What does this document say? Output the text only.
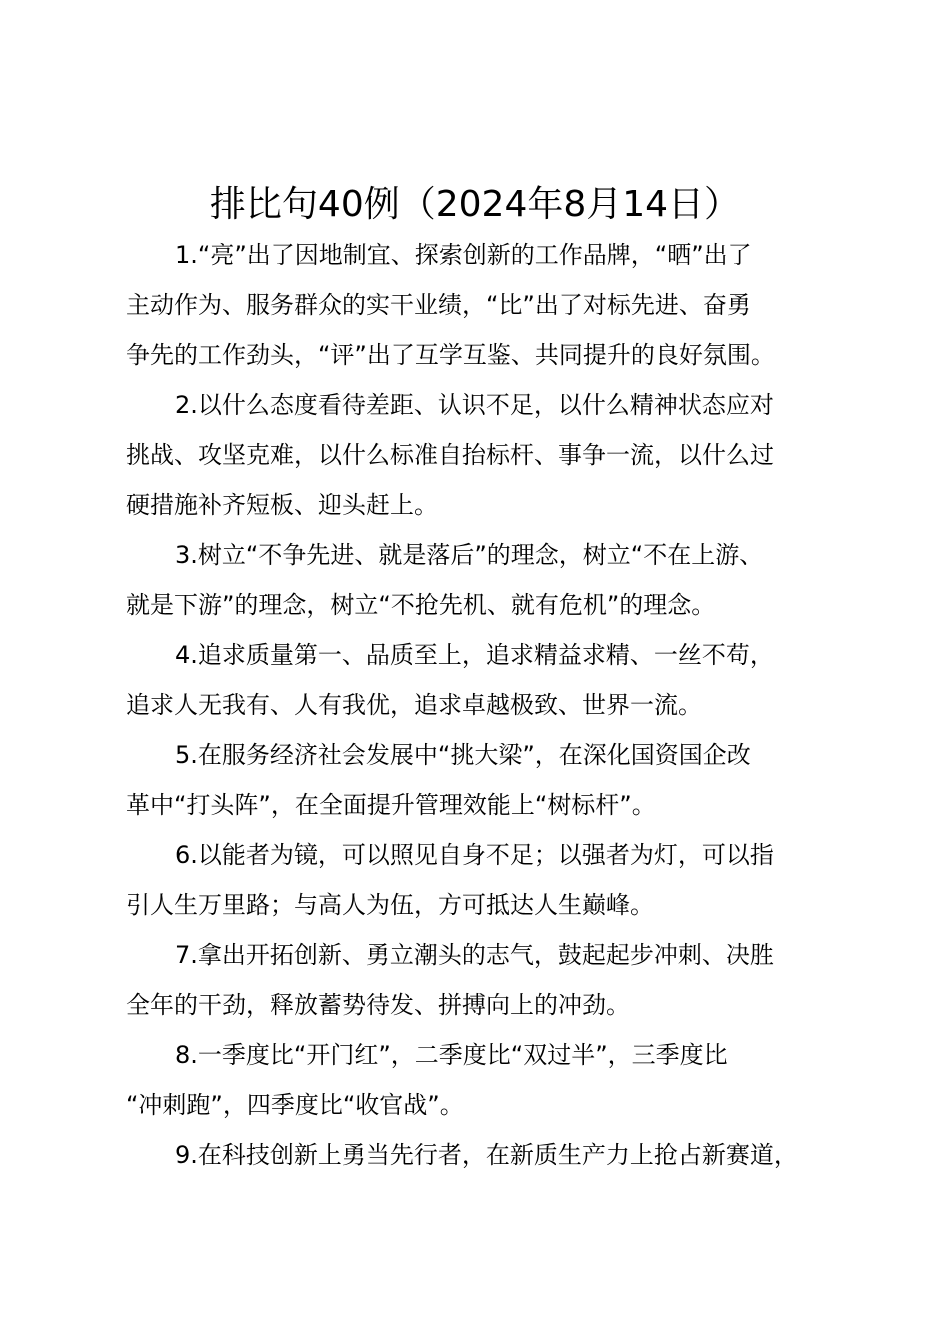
排比句40例（2024年8月14日）
1.“亮”出了因地制宜、探索创新的工作品牌，“晒”出了
主动作为、服务群众的实干业绩，“比”出了对标先进、奋勇
争先的工作劲头，“评”出了互学互鉴、共同提升的良好氛围。
2.以什么态度看待差距、认识不足，以什么精神状态应对
挑战、攻坚克难，以什么标准自抬标杆、事争一流，以什么过
硬措施补齐短板、迎头赶上。
3.树立“不争先进、就是落后”的理念，树立“不在上游、
就是下游”的理念，树立“不抢先机、就有危机”的理念。
4.追求质量第一、品质至上，追求精益求精、一丝不苟，
追求人无我有、人有我优，追求卓越极致、世界一流。
5.在服务经济社会发展中“挑大梁”，在深化国资国企改
革中“打头阵”，在全面提升管理效能上“树标杆”。
6.以能者为镜，可以照见自身不足；以强者为灯，可以指
引人生万里路；与高人为伍，方可抵达人生巅峰。
7.拿出开拓创新、勇立潮头的志气，鼓起起步冲刺、决胜
全年的干劲，释放蓄势待发、拼搏向上的冲劲。
8.一季度比“开门红”，二季度比“双过半”，三季度比
“冲刺跑”，四季度比“收官战”。
9.在科技创新上勇当先行者，在新质生产力上抢占新赛道，
